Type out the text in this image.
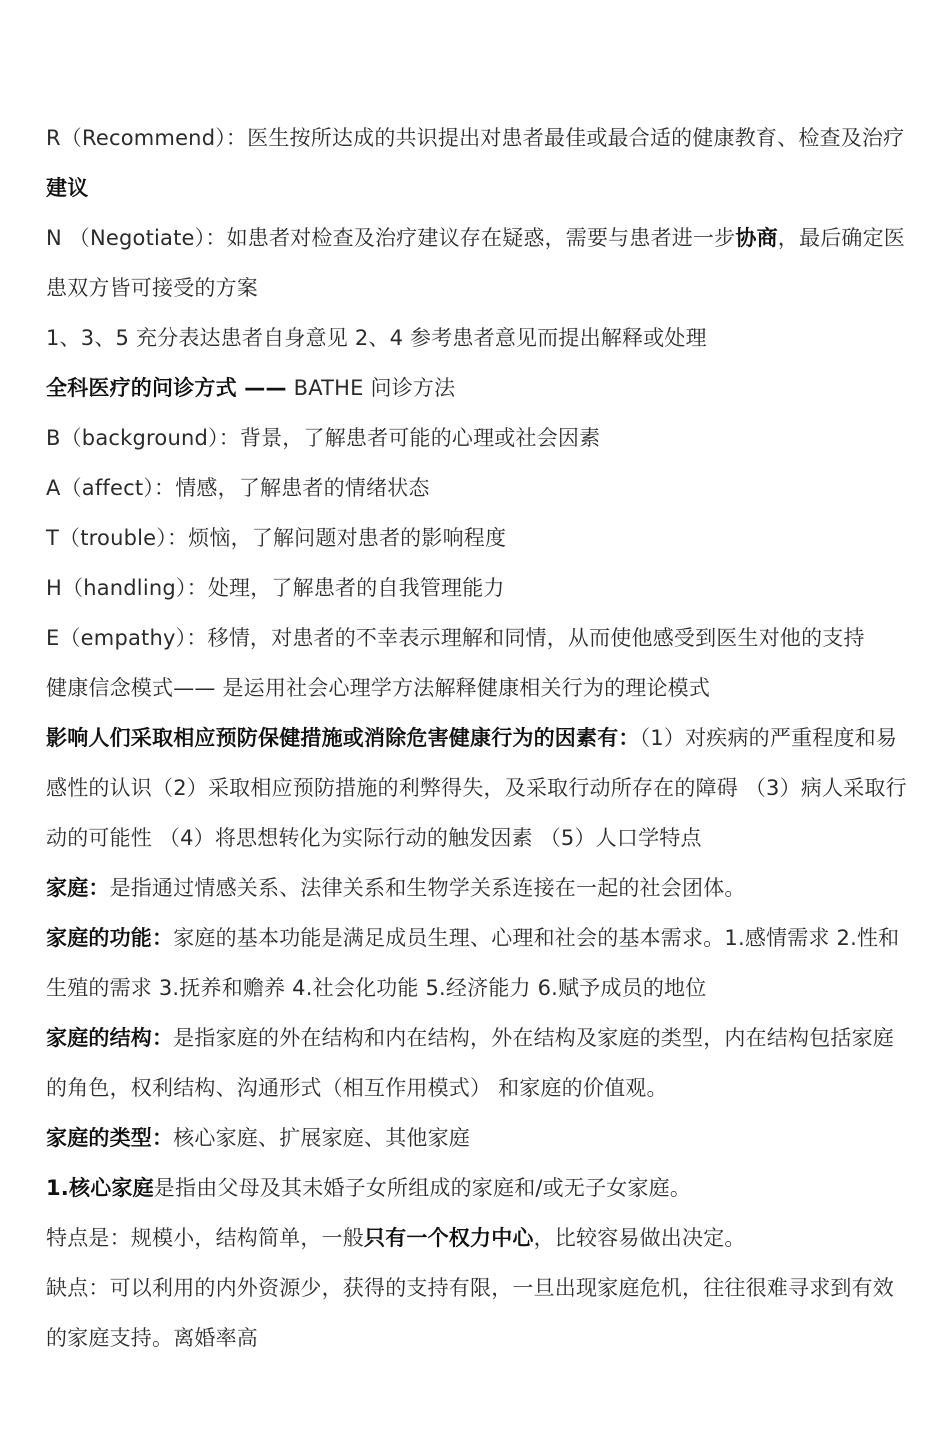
R（Recommend）：医生按所达成的共识提出对患者最佳或最合适的健康教育、检查及治疗建议

N （Negotiate）：如患者对检查及治疗建议存在疑惑，需要与患者进一步协商，最后确定医患双方皆可接受的方案

1、3、5 充分表达患者自身意见 2、4 参考患者意见而提出解释或处理

全科医疗的问诊方式 —— BATHE 问诊方法

B（background）：背景，了解患者可能的心理或社会因素

A（affect）：情感，了解患者的情绪状态

T（trouble）：烦恼，了解问题对患者的影响程度

H（handling）：处理，了解患者的自我管理能力

E（empathy）：移情，对患者的不幸表示理解和同情，从而使他感受到医生对他的支持

健康信念模式—— 是运用社会心理学方法解释健康相关行为的理论模式

影响人们采取相应预防保健措施或消除危害健康行为的因素有：（1）对疾病的严重程度和易感性的认识（2）采取相应预防措施的利弊得失，及采取行动所存在的障碍 （3）病人采取行动的可能性 （4）将思想转化为实际行动的触发因素 （5）人口学特点

家庭：是指通过情感关系、法律关系和生物学关系连接在一起的社会团体。

家庭的功能：家庭的基本功能是满足成员生理、心理和社会的基本需求。1.感情需求 2.性和生殖的需求 3.抚养和赡养 4.社会化功能 5.经济能力 6.赋予成员的地位

家庭的结构：是指家庭的外在结构和内在结构，外在结构及家庭的类型，内在结构包括家庭的角色，权利结构、沟通形式（相互作用模式） 和家庭的价值观。

家庭的类型：核心家庭、扩展家庭、其他家庭

1.核心家庭是指由父母及其未婚子女所组成的家庭和/或无子女家庭。

特点是：规模小，结构简单，一般只有一个权力中心，比较容易做出决定。

缺点：可以利用的内外资源少，获得的支持有限，一旦出现家庭危机，往往很难寻求到有效的家庭支持。离婚率高
